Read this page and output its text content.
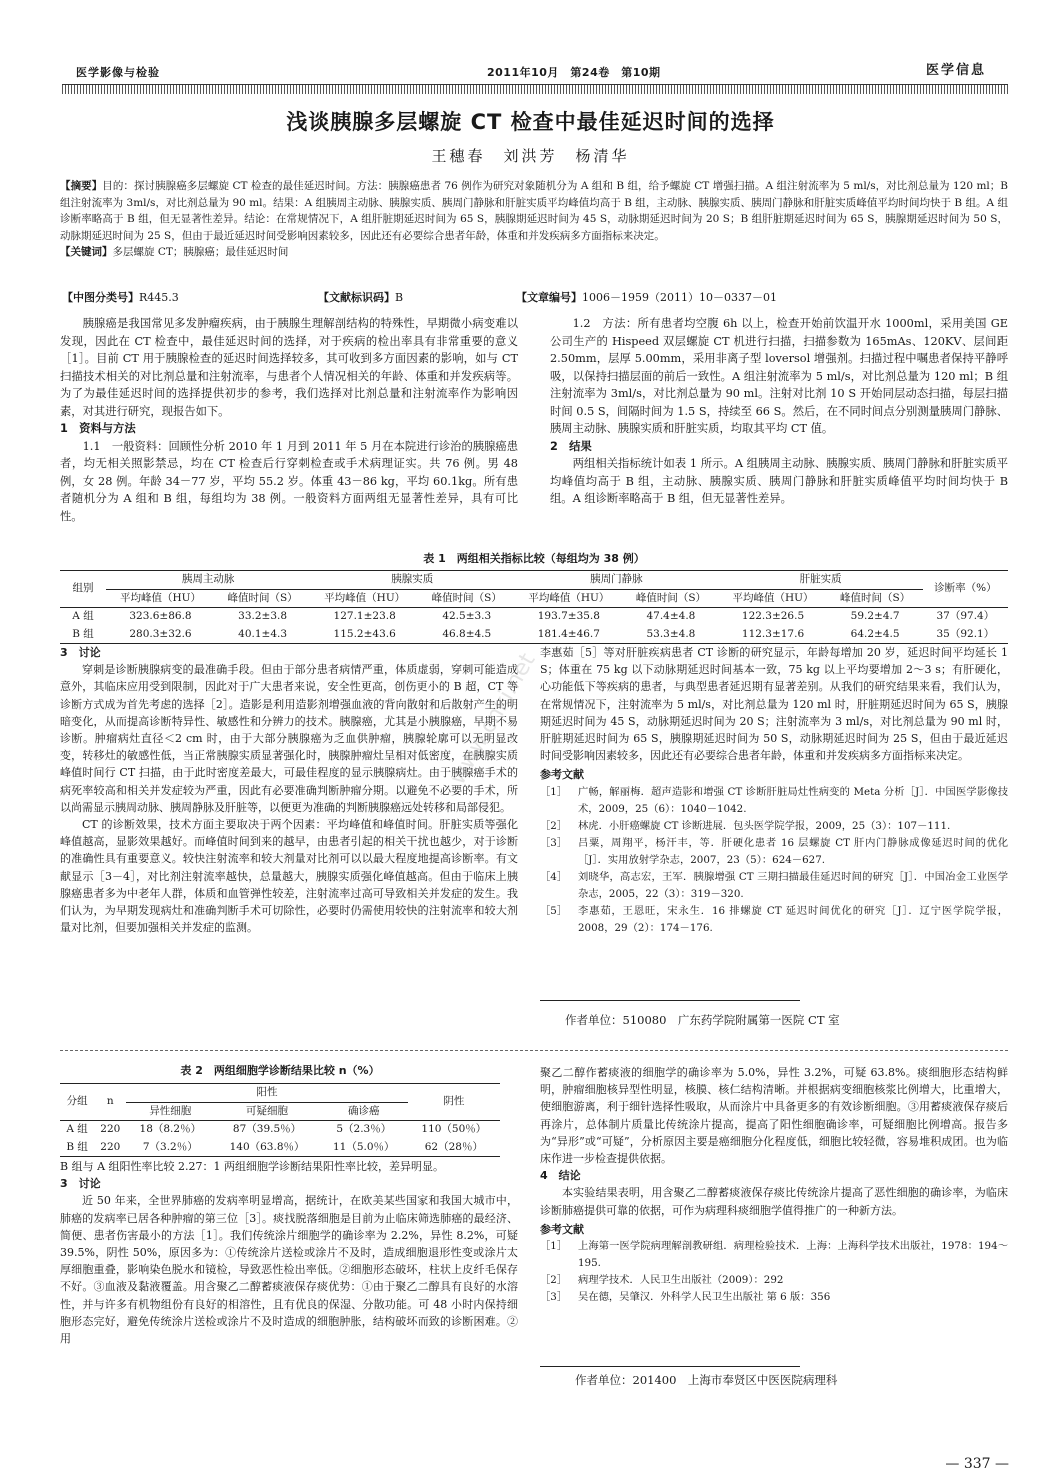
医学影像与检验	2011年10月　第24卷　第10期	医学信息
浅谈胰腺多层螺旋 CT 检查中最佳延迟时间的选择
王穗春　刘洪芳　杨清华
【摘要】目的：探讨胰腺癌多层螺旋 CT 检查的最佳延迟时间。方法：胰腺癌患者 76 例作为研究对象随机分为 A 组和 B 组，给予螺旋 CT 增强扫描。A 组注射流率为 5 ml/s，对比剂总量为 120 ml；B 组注射流率为 3ml/s，对比剂总量为 90 ml。结果：A 组胰周主动脉、胰腺实质、胰周门静脉和肝脏实质平均峰值均高于 B 组，主动脉、胰腺实质、胰周门静脉和肝脏实质峰值平均时间均快于 B 组。A 组诊断率略高于 B 组，但无显著性差异。结论：在常规情况下，A 组肝脏期延迟时间为 65 S，胰腺期延迟时间为 45 S，动脉期延迟时间为 20 S；B 组肝脏期延迟时间为 65 S，胰腺期延迟时间为 50 S，动脉期延迟时间为 25 S，但由于最近延迟时间受影响因素较多，因此还有必要综合患者年龄，体重和并发疾病多方面指标来决定。
【关键词】多层螺旋 CT；胰腺癌；最佳延迟时间
【中图分类号】R445.3	【文献标识码】B	【文章编号】1006－1959（2011）10－0337－01

胰腺癌是我国常见多发肿瘤疾病，由于胰腺生理解剖结构的特殊性，早期微小病变难以发现，因此在 CT 检查中，最佳延迟时间的选择，对于疾病的检出率具有非常重要的意义［1］。目前 CT 用于胰腺检查的延迟时间选择较多，其可收到多方面因素的影响，如与 CT 扫描技术相关的对比剂总量和注射流率，与患者个人情况相关的年龄、体重和并发疾病等。为了为最佳延迟时间的选择提供初步的参考，我们选择对比剂总量和注射流率作为影响因素，对其进行研究，现报告如下。

1　资料与方法

1.1　一般资料：回顾性分析 2010 年 1 月到 2011 年 5 月在本院进行诊治的胰腺癌患者，均无相关照影禁忌，均在 CT 检查后行穿刺检查或手术病理证实。共 76 例。男 48 例，女 28 例。年龄 34－77 岁，平均 55.2 岁。体重 43－86 kg，平均 60.1kg。所有患者随机分为 A 组和 B 组，每组均为 38 例。一般资料方面两组无显著性差异，具有可比性。

1.2　方法：所有患者均空腹 6h 以上，检查开始前饮温开水 1000ml，采用美国 GE 公司生产的 Hispeed 双层螺旋 CT 机进行扫描，扫描参数为 165mAs、120KV、层间距 2.50mm，层厚 5.00mm，采用非离子型 loversol 增强剂。扫描过程中嘱患者保持平静呼吸，以保持扫描层面的前后一致性。A 组注射流率为 5 ml/s，对比剂总量为 120 ml；B 组注射流率为 3ml/s，对比剂总量为 90 ml。注射对比剂 10 S 开始同层动态扫描，每层扫描时间 0.5 S，间隔时间为 1.5 S，持续至 66 S。然后，在不同时间点分别测量胰周门静脉、胰周主动脉、胰腺实质和肝脏实质，均取其平均 CT 值。

2　结果

两组相关指标统计如表 1 所示。A 组胰周主动脉、胰腺实质、胰周门静脉和肝脏实质平均峰值均高于 B 组，主动脉、胰腺实质、胰周门静脉和肝脏实质峰值平均时间均快于 B 组。A 组诊断率略高于 B 组，但无显著性差异。

表 1　两组相关指标比较（每组均为 38 例）
组别	胰周主动脉		胰腺实质		胰周门静脉		肝脏实质		诊断率（%）
	平均峰值（HU）	峰值时间（S）	平均峰值（HU）	峰值时间（S）	平均峰值（HU）	峰值时间（S）	平均峰值（HU）	峰值时间（S）	
A 组	323.6±86.8	33.2±3.8	127.1±23.8	42.5±3.3	193.7±35.8	47.4±4.8	122.3±26.5	59.2±4.7	37（97.4）
B 组	280.3±32.6	40.1±4.3	115.2±43.6	46.8±4.5	181.4±46.7	53.3±4.8	112.3±17.6	64.2±4.5	35（92.1）

3　讨论

穿刺是诊断胰腺病变的最准确手段。但由于部分患者病情严重，体质虚弱，穿刺可能造成意外，其临床应用受到限制，因此对于广大患者来说，安全性更高，创伤更小的 B 超，CT 等诊断方式成为首先考虑的选择［2］。造影是利用造影剂增强血液的背向散射和后散射产生的明暗变化，从而提高诊断特异性、敏感性和分辨力的技术。胰腺癌，尤其是小胰腺癌，早期不易诊断。肿瘤病灶直径＜2 cm 时，由于大部分胰腺癌为乏血供肿瘤，胰腺轮廓可以无明显改变，转移灶的敏感性低，当正常胰腺实质显著强化时，胰腺肿瘤灶呈相对低密度，在胰腺实质峰值时间行 CT 扫描，由于此时密度差最大，可最佳程度的显示胰腺病灶。由于胰腺癌手术的病死率较高和相关并发症较为严重，因此有必要准确判断肿瘤分期。以避免不必要的手术，所以尚需显示胰周动脉、胰周静脉及肝脏等，以便更为准确的判断胰腺癌远处转移和局部侵犯。

CT 的诊断效果，技术方面主要取决于两个因素：平均峰值和峰值时间。肝脏实质等强化峰值越高，显影效果越好。而峰值时间到来的越早，由患者引起的相关干扰也越少，对于诊断的准确性具有重要意义。较快注射流率和较大剂量对比剂可以以最大程度地提高诊断率。有文献显示［3－4］，对比剂注射流率越快，总量越大，胰腺实质强化峰值越高。但由于临床上胰腺癌患者多为中老年人群，体质和血管弹性较差，注射流率过高可导致相关并发症的发生。我们认为，为早期发现病灶和准确判断手术可切除性，必要时仍需使用较快的注射流率和较大剂量对比剂，但要加强相关并发症的监测。

李惠茹［5］等对肝脏疾病患者 CT 诊断的研究显示，年龄每增加 20 岁，延迟时间平均延长 1 S；体重在 75 kg 以下动脉期延迟时间基本一致，75 kg 以上平均要增加 2～3 s；有肝硬化，心功能低下等疾病的患者，与典型患者延迟期有显著差别。从我们的研究结果来看，我们认为，在常规情况下，注射流率为 5 ml/s，对比剂总量为 120 ml 时，肝脏期延迟时间为 65 S，胰腺期延迟时间为 45 S，动脉期延迟时间为 20 S；注射流率为 3 ml/s，对比剂总量为 90 ml 时，肝脏期延迟时间为 65 S，胰腺期延迟时间为 50 S，动脉期延迟时间为 25 S，但由于最近延迟时间受影响因素较多，因此还有必要综合患者年龄，体重和并发疾病多方面指标来决定。

参考文献

［1］ 广畅，解丽梅．超声造影和增强 CT 诊断肝脏局灶性病变的 Meta 分析［J］．中国医学影像技术，2009，25（6）：1040－1042.
［2］ 林虎．小肝癌螺旋 CT 诊断进展．包头医学院学报，2009，25（3）：107－111.
［3］ 吕粟，周翔平，杨汗丰，等．肝硬化患者 16 层螺旋 CT 肝内门静脉成像延迟时间的优化［J］．实用放射学杂志，2007，23（5）：624－627.
［4］ 刘晓华，高志宏，王军．胰腺增强 CT 三期扫描最佳延迟时间的研究［J］．中国冶金工业医学杂志，2005，22（3）：319－320.
［5］ 李惠茹，王恩旺，宋永生．16 排螺旋 CT 延迟时间优化的研究［J］．辽宁医学院学报，2008，29（2）：174－176.
作者单位：510080　广东药学院附属第一医院 CT 室
www.cnki.net
表 2　两组细胞学诊断结果比较 n（%）
分组	n	阳性			阴性
		异性细胞	可疑细胞	确诊癌	
A 组	220	18（8.2％）	87（39.5％）	5（2.3％）	110（50％）
B 组	220	7（3.2％）	140（63.8％）	11（5.0％）	62（28％）

B 组与 A 组阳性率比较 2.27：1 两组细胞学诊断结果阳性率比较，差异明显。

3　讨论

近 50 年来，全世界肺癌的发病率明显增高，据统计，在欧美某些国家和我国大城市中，肺癌的发病率已居各种肿瘤的第三位［3］。痰找脱落细胞是目前为止临床筛选肺癌的最经济、简便、患者伤害最小的方法［1］。我们传统涂片细胞学的确诊率为 2.2%，异性 8.2%，可疑 39.5%，阴性 50%，原因多为：①传统涂片送检或涂片不及时，造成细胞退形性变或涂片太厚细胞重叠，影响染色脱水和镜检，导致恶性检出率低。②细胞形态破坏，柱状上皮纤毛保存不好。③血液及黏液覆盖。用含聚乙二醇蓄痰液保存痰优势：①由于聚乙二醇具有良好的水溶性，并与许多有机物组份有良好的相溶性，且有优良的保湿、分散功能。可 48 小时内保持细胞形态完好，避免传统涂片送检或涂片不及时造成的细胞肿胀，结构破坏而致的诊断困难。②用

聚乙二醇作蓄痰液的细胞学的确诊率为 5.0%，异性 3.2%，可疑 63.8%。痰细胞形态结构鲜明，肿瘤细胞核异型性明显，核膜、核仁结构清晰。并根据病变细胞核浆比例增大，比重增大，使细胞游离，利于细针选择性吸取，从而涂片中具备更多的有效诊断细胞。③用蓄痰液保存痰后再涂片，总体制片质量比传统涂片提高，提高了阳性细胞确诊率，可疑细胞比例增高。报告多为“异形”或“可疑”，分析原因主要是癌细胞分化程度低，细胞比较轻微，容易堆积成团。也为临床作进一步检查提供依据。

4　结论

本实验结果表明，用含聚乙二醇蓄痰液保存痰比传统涂片提高了恶性细胞的确诊率，为临床诊断肺癌提供可靠的依据，可作为病理科痰细胞学值得推广的一种新方法。

参考文献

［1］ 上海第一医学院病理解剖教研组．病理检验技术．上海：上海科学技术出版社，1978：194～195.
［2］ 病理学技术．人民卫生出版社（2009）：292
［3］ 吴在德，吴肇汉．外科学人民卫生出版社 第 6 版：356
作者单位：201400　上海市奉贤区中医医院病理科
— 337 —
